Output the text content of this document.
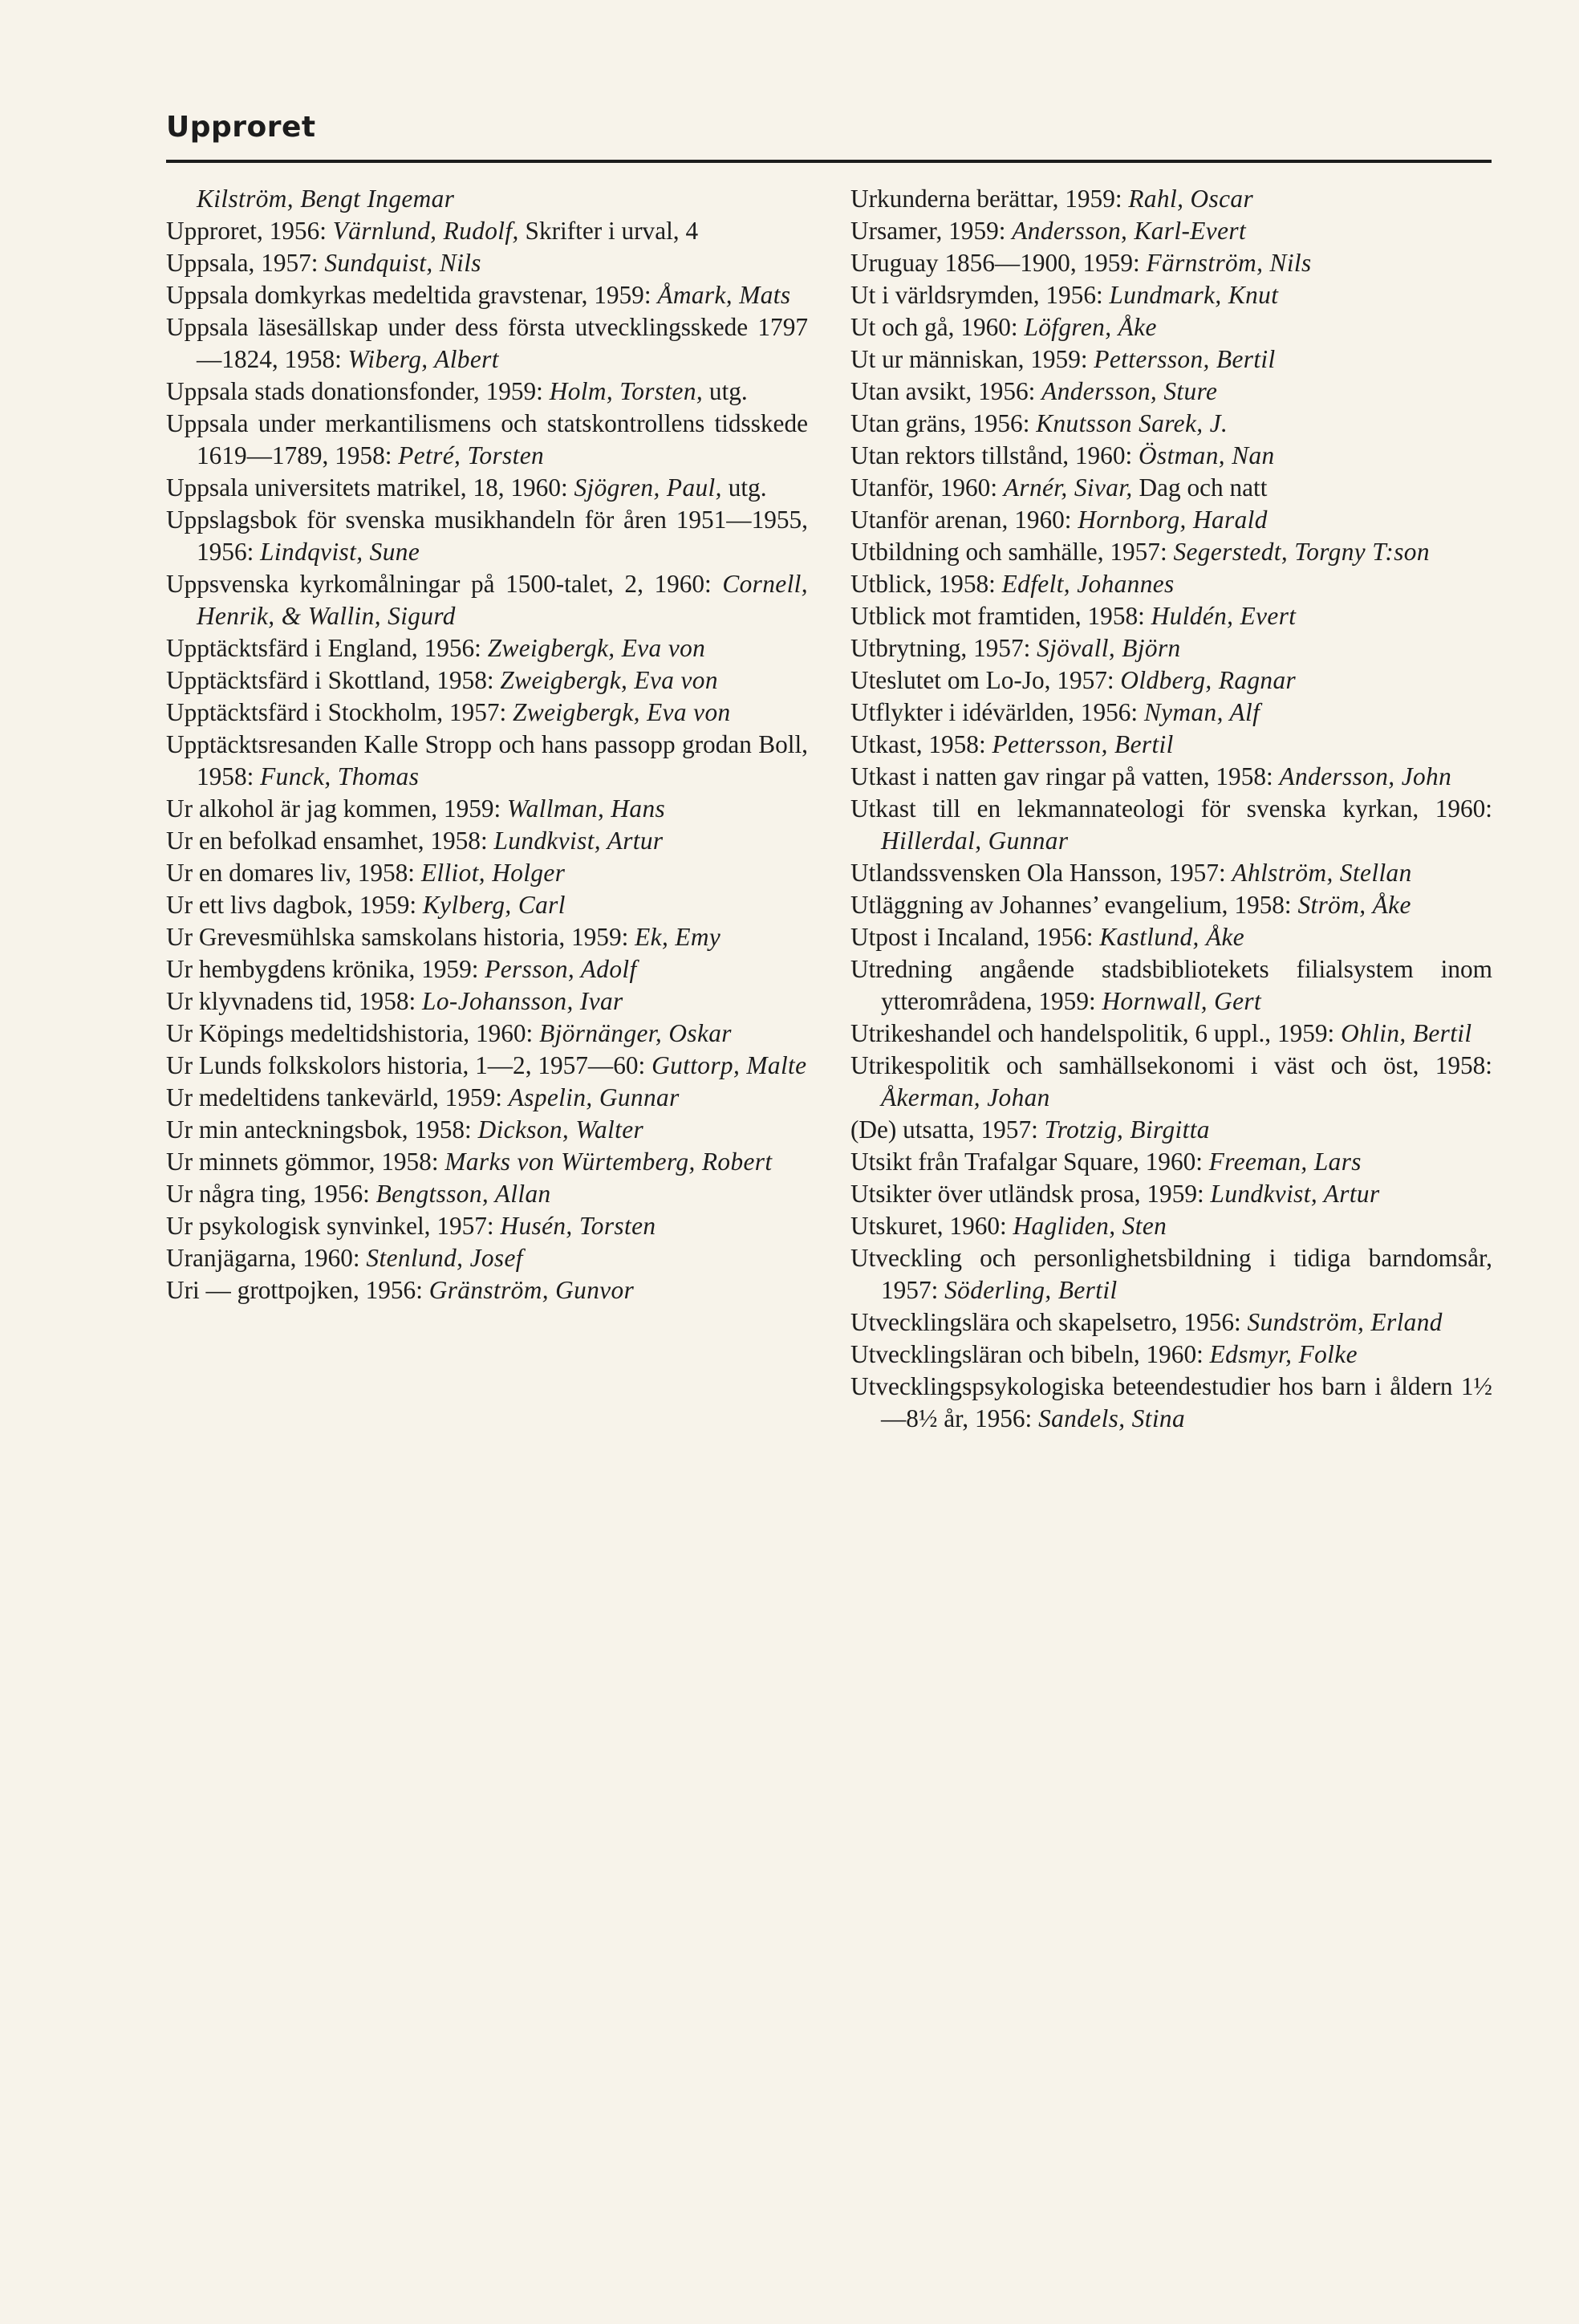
Upproret

Kilström, Bengt Ingemar

Upproret, 1956: Värnlund, Rudolf, Skrifter i urval, 4

Uppsala, 1957: Sundquist, Nils

Uppsala domkyrkas medeltida gravstenar, 1959: Åmark, Mats

Uppsala läsesällskap under dess första utvecklingsskede 1797—1824, 1958: Wiberg, Albert

Uppsala stads donationsfonder, 1959: Holm, Torsten, utg.

Uppsala under merkantilismens och statskontrollens tidsskede 1619—1789, 1958: Petré, Torsten

Uppsala universitets matrikel, 18, 1960: Sjögren, Paul, utg.

Uppslagsbok för svenska musikhandeln för åren 1951—1955, 1956: Lindqvist, Sune

Uppsvenska kyrkomålningar på 1500-talet, 2, 1960: Cornell, Henrik, & Wallin, Sigurd

Upptäcktsfärd i England, 1956: Zweigbergk, Eva von

Upptäcktsfärd i Skottland, 1958: Zweigbergk, Eva von

Upptäcktsfärd i Stockholm, 1957: Zweigbergk, Eva von

Upptäcktsresanden Kalle Stropp och hans passopp grodan Boll, 1958: Funck, Thomas

Ur alkohol är jag kommen, 1959: Wallman, Hans

Ur en befolkad ensamhet, 1958: Lundkvist, Artur

Ur en domares liv, 1958: Elliot, Holger

Ur ett livs dagbok, 1959: Kylberg, Carl

Ur Grevesmühlska samskolans historia, 1959: Ek, Emy

Ur hembygdens krönika, 1959: Persson, Adolf

Ur klyvnadens tid, 1958: Lo-Johansson, Ivar

Ur Köpings medeltidshistoria, 1960: Björnänger, Oskar

Ur Lunds folkskolors historia, 1—2, 1957—60: Guttorp, Malte

Ur medeltidens tankevärld, 1959: Aspelin, Gunnar

Ur min anteckningsbok, 1958: Dickson, Walter

Ur minnets gömmor, 1958: Marks von Würtemberg, Robert

Ur några ting, 1956: Bengtsson, Allan

Ur psykologisk synvinkel, 1957: Husén, Torsten

Uranjägarna, 1960: Stenlund, Josef

Uri — grottpojken, 1956: Gränström, Gunvor

Urkunderna berättar, 1959: Rahl, Oscar

Ursamer, 1959: Andersson, Karl-Evert

Uruguay 1856—1900, 1959: Färnström, Nils

Ut i världsrymden, 1956: Lundmark, Knut

Ut och gå, 1960: Löfgren, Åke

Ut ur människan, 1959: Pettersson, Bertil

Utan avsikt, 1956: Andersson, Sture

Utan gräns, 1956: Knutsson Sarek, J.

Utan rektors tillstånd, 1960: Östman, Nan

Utanför, 1960: Arnér, Sivar, Dag och natt

Utanför arenan, 1960: Hornborg, Harald

Utbildning och samhälle, 1957: Segerstedt, Torgny T:son

Utblick, 1958: Edfelt, Johannes

Utblick mot framtiden, 1958: Huldén, Evert

Utbrytning, 1957: Sjövall, Björn

Uteslutet om Lo-Jo, 1957: Oldberg, Ragnar

Utflykter i idévärlden, 1956: Nyman, Alf

Utkast, 1958: Pettersson, Bertil

Utkast i natten gav ringar på vatten, 1958: Andersson, John

Utkast till en lekmannateologi för svenska kyrkan, 1960: Hillerdal, Gunnar

Utlandssvensken Ola Hansson, 1957: Ahlström, Stellan

Utläggning av Johannes’ evangelium, 1958: Ström, Åke

Utpost i Incaland, 1956: Kastlund, Åke

Utredning angående stadsbibliotekets filialsystem inom ytterområdena, 1959: Hornwall, Gert

Utrikeshandel och handelspolitik, 6 uppl., 1959: Ohlin, Bertil

Utrikespolitik och samhällsekonomi i väst och öst, 1958: Åkerman, Johan

(De) utsatta, 1957: Trotzig, Birgitta

Utsikt från Trafalgar Square, 1960: Freeman, Lars

Utsikter över utländsk prosa, 1959: Lundkvist, Artur

Utskuret, 1960: Hagliden, Sten

Utveckling och personlighetsbildning i tidiga barndomsår, 1957: Söderling, Bertil

Utvecklingslära och skapelsetro, 1956: Sundström, Erland

Utvecklingsläran och bibeln, 1960: Edsmyr, Folke

Utvecklingspsykologiska beteendestudier hos barn i åldern 1½—8½ år, 1956: Sandels, Stina
